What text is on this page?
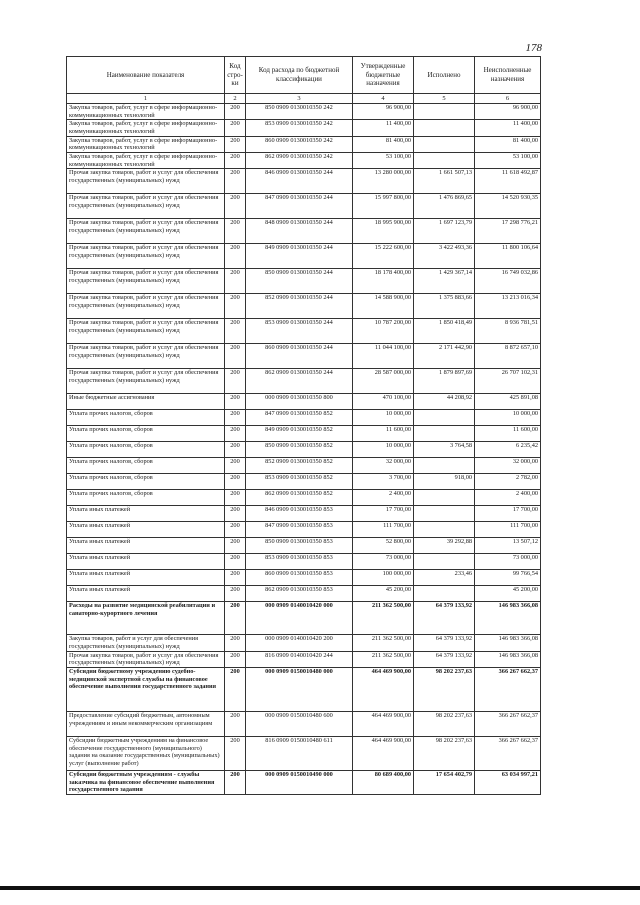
178
Наименование показателя	Код стро-ки	Код расхода по бюджетной классификации	Утвержденные бюджетные назначения	Исполнено	Неисполненные назначения
1	2	3	4	5	6
Закупка товаров, работ, услуг в сфере информационно-коммуникационных технологий	200	850 0909 0130010350 242	96 900,00		96 900,00
Закупка товаров, работ, услуг в сфере информационно-коммуникационных технологий	200	853 0909 0130010350 242	11 400,00		11 400,00
Закупка товаров, работ, услуг в сфере информационно-коммуникационных технологий	200	860 0909 0130010350 242	81 400,00		81 400,00
Закупка товаров, работ, услуг в сфере информационно-коммуникационных технологий	200	862 0909 0130010350 242	53 100,00		53 100,00
Прочая закупка товаров, работ и услуг для обеспечения государственных (муниципальных) нужд	200	846 0909 0130010350 244	13 280 000,00	1 661 507,13	11 618 492,87
Прочая закупка товаров, работ и услуг для обеспечения государственных (муниципальных) нужд	200	847 0909 0130010350 244	15 997 800,00	1 476 869,65	14 520 930,35
Прочая закупка товаров, работ и услуг для обеспечения государственных (муниципальных) нужд	200	848 0909 0130010350 244	18 995 900,00	1 697 123,79	17 298 776,21
Прочая закупка товаров, работ и услуг для обеспечения государственных (муниципальных) нужд	200	849 0909 0130010350 244	15 222 600,00	3 422 493,36	11 800 106,64
Прочая закупка товаров, работ и услуг для обеспечения государственных (муниципальных) нужд	200	850 0909 0130010350 244	18 178 400,00	1 429 367,14	16 749 032,86
Прочая закупка товаров, работ и услуг для обеспечения государственных (муниципальных) нужд	200	852 0909 0130010350 244	14 588 900,00	1 375 883,66	13 213 016,34
Прочая закупка товаров, работ и услуг для обеспечения государственных (муниципальных) нужд	200	853 0909 0130010350 244	10 787 200,00	1 850 418,49	8 936 781,51
Прочая закупка товаров, работ и услуг для обеспечения государственных (муниципальных) нужд	200	860 0909 0130010350 244	11 044 100,00	2 171 442,90	8 872 657,10
Прочая закупка товаров, работ и услуг для обеспечения государственных (муниципальных) нужд	200	862 0909 0130010350 244	28 587 000,00	1 879 897,69	26 707 102,31
Иные бюджетные ассигнования	200	000 0909 0130010350 800	470 100,00	44 208,92	425 891,08
Уплата прочих налогов, сборов	200	847 0909 0130010350 852	10 000,00		10 000,00
Уплата прочих налогов, сборов	200	849 0909 0130010350 852	11 600,00		11 600,00
Уплата прочих налогов, сборов	200	850 0909 0130010350 852	10 000,00	3 764,58	6 235,42
Уплата прочих налогов, сборов	200	852 0909 0130010350 852	32 000,00		32 000,00
Уплата прочих налогов, сборов	200	853 0909 0130010350 852	3 700,00	918,00	2 782,00
Уплата прочих налогов, сборов	200	862 0909 0130010350 852	2 400,00		2 400,00
Уплата иных платежей	200	846 0909 0130010350 853	17 700,00		17 700,00
Уплата иных платежей	200	847 0909 0130010350 853	111 700,00		111 700,00
Уплата иных платежей	200	850 0909 0130010350 853	52 800,00	39 292,88	13 507,12
Уплата иных платежей	200	853 0909 0130010350 853	73 000,00		73 000,00
Уплата иных платежей	200	860 0909 0130010350 853	100 000,00	233,46	99 766,54
Уплата иных платежей	200	862 0909 0130010350 853	45 200,00		45 200,00
Расходы на развитие медицинской реабилитации и санаторно-курортного лечения	200	000 0909 0140010420 000	211 362 500,00	64 379 133,92	146 983 366,08
Закупка товаров, работ и услуг для обеспечения государственных (муниципальных) нужд	200	000 0909 0140010420 200	211 362 500,00	64 379 133,92	146 983 366,08
Прочая закупка товаров, работ и услуг для обеспечения государственных (муниципальных) нужд	200	816 0909 0140010420 244	211 362 500,00	64 379 133,92	146 983 366,08
Субсидии бюджетному учреждению судебно-медицинской экспертной службы на финансовое обеспечение выполнения государственного задания	200	000 0909 0150010480 000	464 469 900,00	98 202 237,63	366 267 662,37
Предоставление субсидий бюджетным, автономным учреждениям и иным некоммерческим организациям	200	000 0909 0150010480 600	464 469 900,00	98 202 237,63	366 267 662,37
Субсидии бюджетным учреждениям на финансовое обеспечение государственного (муниципального) задания на оказание государственных (муниципальных) услуг (выполнение работ)	200	816 0909 0150010480 611	464 469 900,00	98 202 237,63	366 267 662,37
Субсидии бюджетным учреждениям - службы заказчика на финансовое обеспечение выполнения государственного задания	200	000 0909 0150010490 000	80 689 400,00	17 654 402,79	63 034 997,21
